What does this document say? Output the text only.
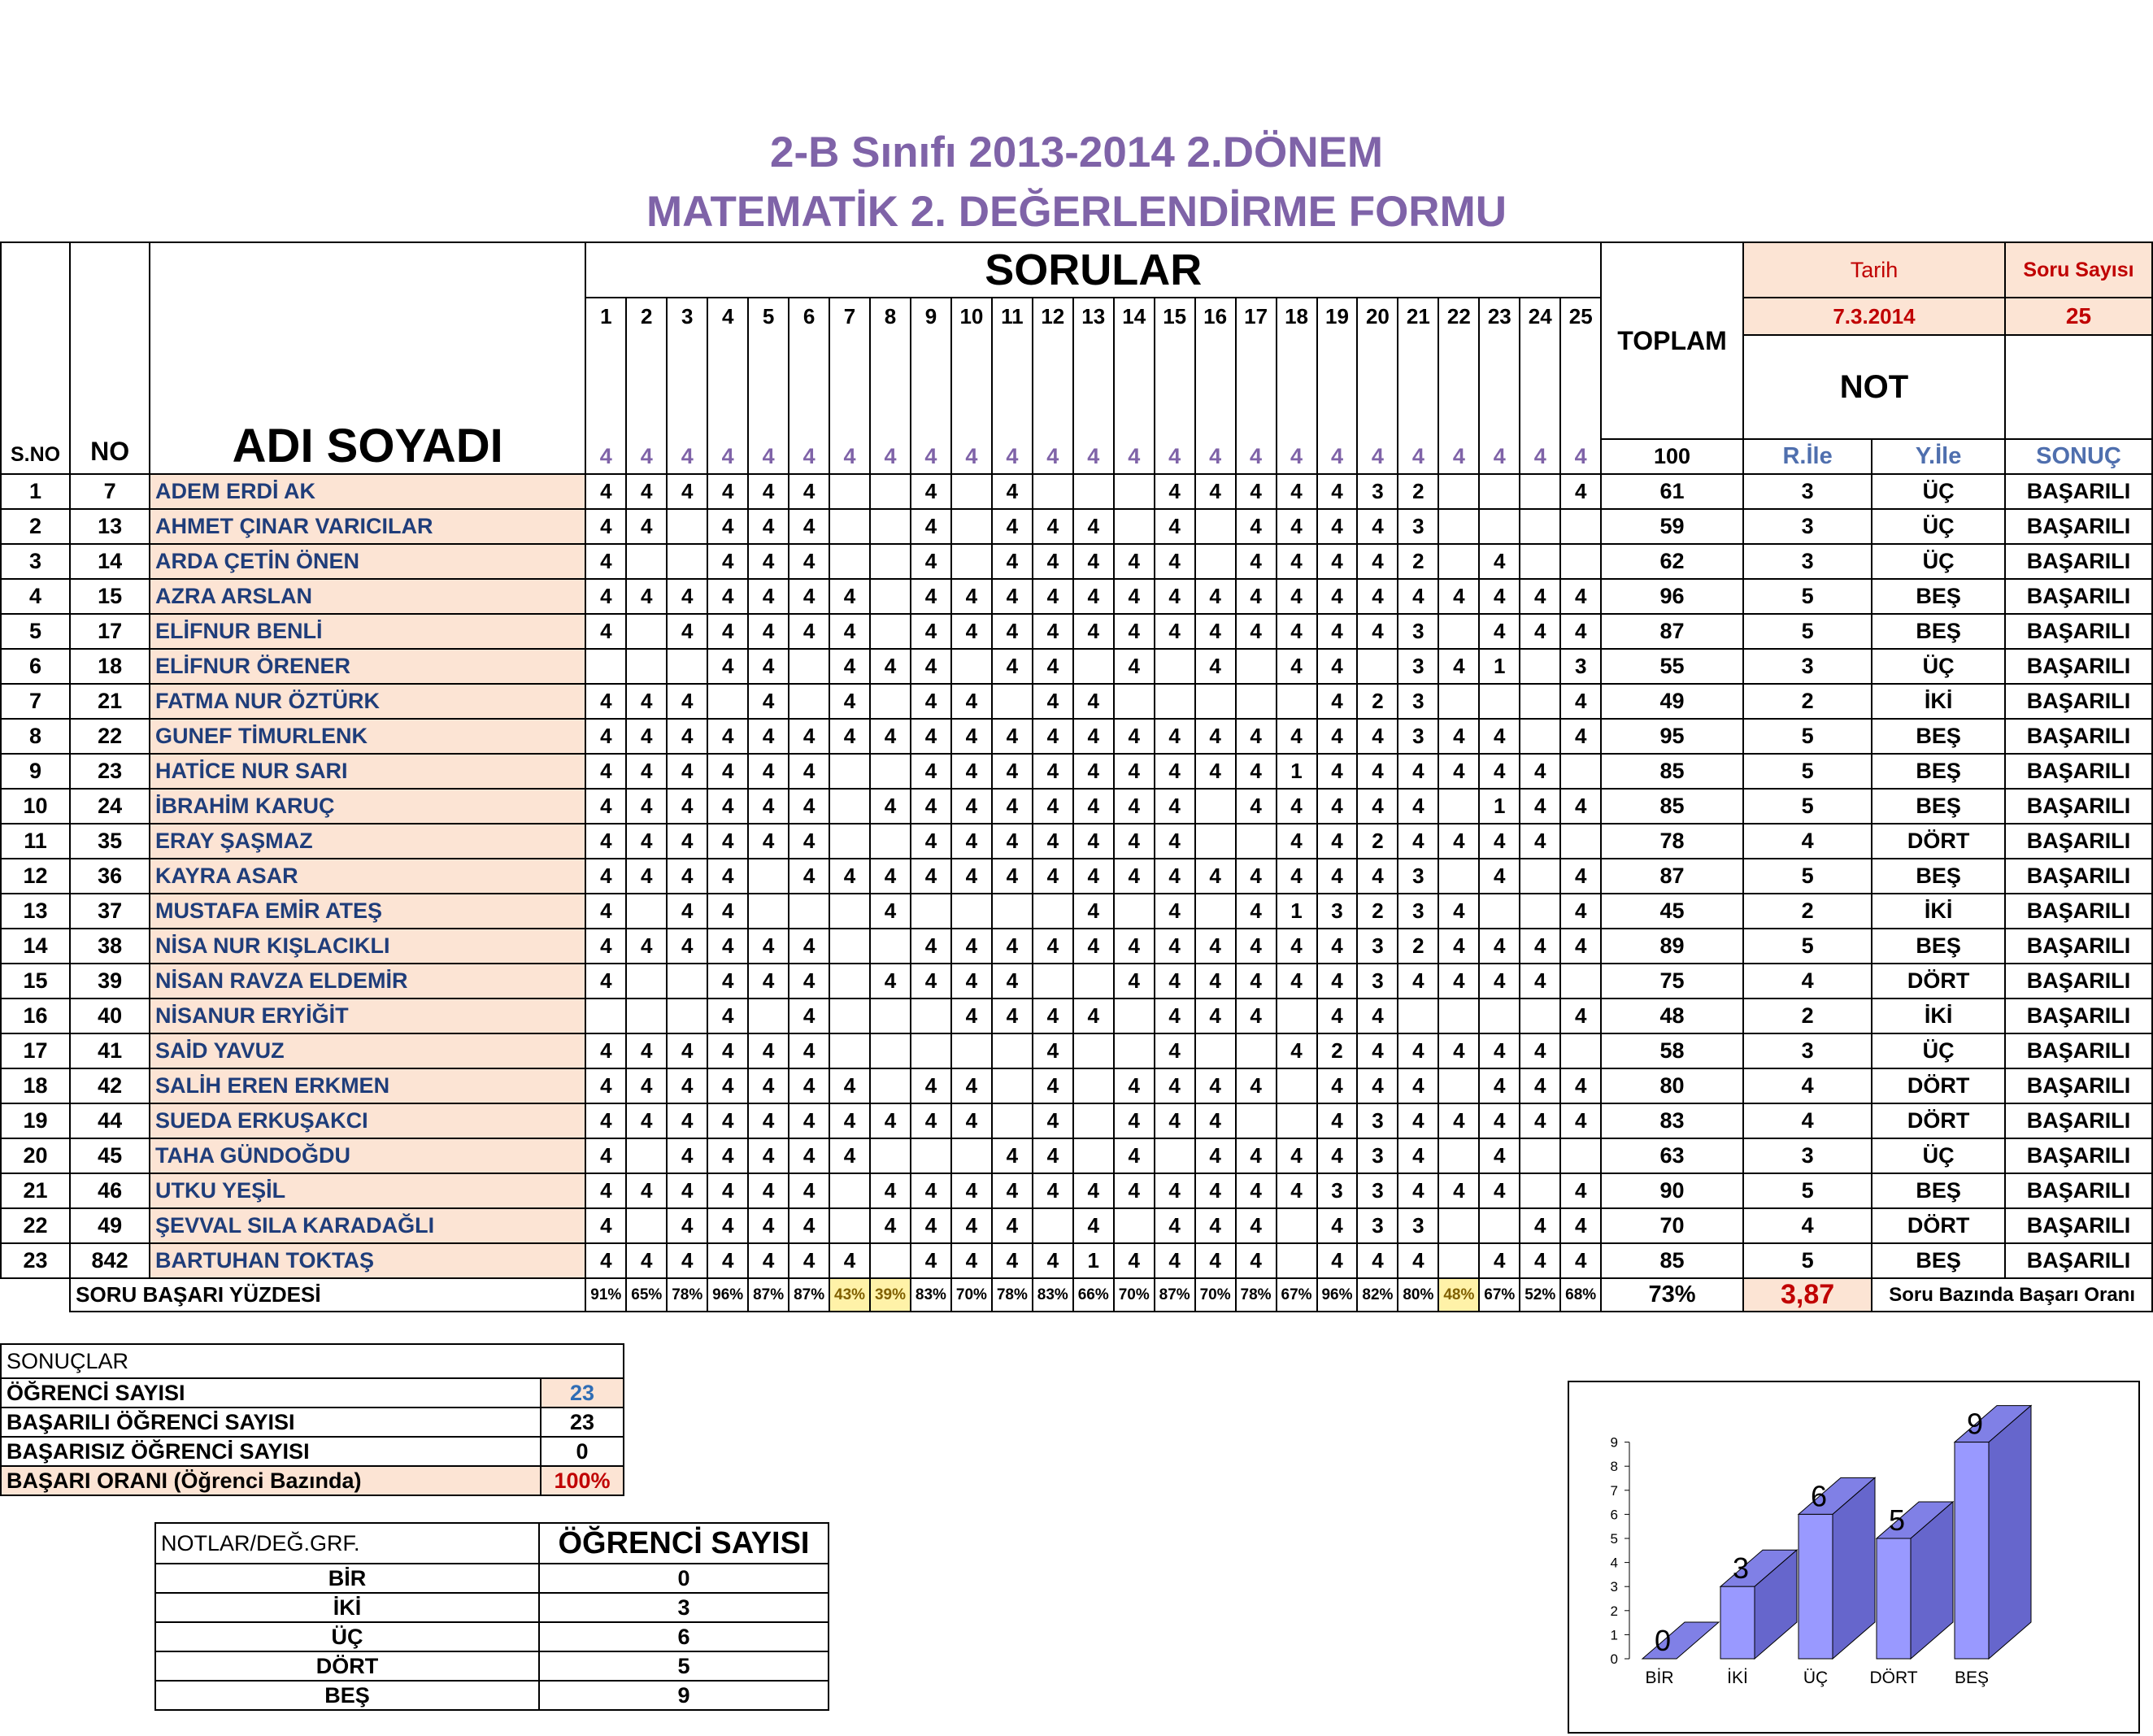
2-B Sınıfı 2013-2014 2.DÖNEM
MATEMATİK 2. DEĞERLENDİRME FORMU
S.NO	NO	ADI SOYADI	SORULAR																									TOPLAM	Tarih		Soru Sayısı
			1	2	3	4	5	6	7	8	9	10	11	12	13	14	15	16	17	18	19	20	21	22	23	24	25		7.3.2014		25
																													NOT		
			4	4	4	4	4	4	4	4	4	4	4	4	4	4	4	4	4	4	4	4	4	4	4	4	4	100	R.İle	Y.İle	SONUÇ
1	7	ADEM ERDİ AK	4	4	4	4	4	4			4		4				4	4	4	4	4	3	2				4	61	3	ÜÇ	BAŞARILI
2	13	AHMET ÇINAR VARICILAR	4	4		4	4	4			4		4	4	4		4		4	4	4	4	3					59	3	ÜÇ	BAŞARILI
3	14	ARDA ÇETİN ÖNEN	4			4	4	4			4		4	4	4	4	4		4	4	4	4	2		4			62	3	ÜÇ	BAŞARILI
4	15	AZRA ARSLAN	4	4	4	4	4	4	4		4	4	4	4	4	4	4	4	4	4	4	4	4	4	4	4	4	96	5	BEŞ	BAŞARILI
5	17	ELİFNUR BENLİ	4		4	4	4	4	4		4	4	4	4	4	4	4	4	4	4	4	4	3		4	4	4	87	5	BEŞ	BAŞARILI
6	18	ELİFNUR ÖRENER				4	4		4	4	4		4	4		4		4		4	4		3	4	1		3	55	3	ÜÇ	BAŞARILI
7	21	FATMA NUR ÖZTÜRK	4	4	4		4		4		4	4		4	4						4	2	3				4	49	2	İKİ	BAŞARILI
8	22	GUNEF TİMURLENK	4	4	4	4	4	4	4	4	4	4	4	4	4	4	4	4	4	4	4	4	3	4	4		4	95	5	BEŞ	BAŞARILI
9	23	HATİCE NUR SARI	4	4	4	4	4	4			4	4	4	4	4	4	4	4	4	1	4	4	4	4	4	4		85	5	BEŞ	BAŞARILI
10	24	İBRAHİM KARUÇ	4	4	4	4	4	4		4	4	4	4	4	4	4	4		4	4	4	4	4		1	4	4	85	5	BEŞ	BAŞARILI
11	35	ERAY ŞAŞMAZ	4	4	4	4	4	4			4	4	4	4	4	4	4			4	4	2	4	4	4	4		78	4	DÖRT	BAŞARILI
12	36	KAYRA ASAR	4	4	4	4		4	4	4	4	4	4	4	4	4	4	4	4	4	4	4	3		4		4	87	5	BEŞ	BAŞARILI
13	37	MUSTAFA EMİR ATEŞ	4		4	4				4					4		4		4	1	3	2	3	4			4	45	2	İKİ	BAŞARILI
14	38	NİSA NUR KIŞLACIKLI	4	4	4	4	4	4			4	4	4	4	4	4	4	4	4	4	4	3	2	4	4	4	4	89	5	BEŞ	BAŞARILI
15	39	NİSAN RAVZA ELDEMİR	4			4	4	4		4	4	4	4			4	4	4	4	4	4	3	4	4	4	4		75	4	DÖRT	BAŞARILI
16	40	NİSANUR ERYİĞİT				4		4				4	4	4	4		4	4	4		4	4					4	48	2	İKİ	BAŞARILI
17	41	SAİD YAVUZ	4	4	4	4	4	4						4			4			4	2	4	4	4	4	4		58	3	ÜÇ	BAŞARILI
18	42	SALİH EREN ERKMEN	4	4	4	4	4	4	4		4	4		4		4	4	4	4		4	4	4		4	4	4	80	4	DÖRT	BAŞARILI
19	44	SUEDA ERKUŞAKCI	4	4	4	4	4	4	4	4	4	4		4		4	4	4			4	3	4	4	4	4	4	83	4	DÖRT	BAŞARILI
20	45	TAHA GÜNDOĞDU	4		4	4	4	4	4				4	4		4		4	4	4	4	3	4		4			63	3	ÜÇ	BAŞARILI
21	46	UTKU YEŞİL	4	4	4	4	4	4		4	4	4	4	4	4	4	4	4	4	4	3	3	4	4	4		4	90	5	BEŞ	BAŞARILI
22	49	ŞEVVAL SILA KARADAĞLI	4		4	4	4	4		4	4	4	4		4		4	4	4		4	3	3			4	4	70	4	DÖRT	BAŞARILI
23	842	BARTUHAN TOKTAŞ	4	4	4	4	4	4	4		4	4	4	4	1	4	4	4	4		4	4	4		4	4	4	85	5	BEŞ	BAŞARILI
	SORU BAŞARI YÜZDESİ		91%	65%	78%	96%	87%	87%	43%	39%	83%	70%	78%	83%	66%	70%	87%	70%	78%	67%	96%	82%	80%	48%	67%	52%	68%	73%	3,87	Soru Bazında Başarı Oranı	
SONUÇLAR	
ÖĞRENCİ SAYISI	23
BAŞARILI ÖĞRENCİ SAYISI	23
BAŞARISIZ ÖĞRENCİ SAYISI	0
BAŞARI ORANI (Öğrenci Bazında)	100%
NOTLAR/DEĞ.GRF.	ÖĞRENCİ SAYISI
BİR	0
İKİ	3
ÜÇ	6
DÖRT	5
BEŞ	9
0
1
2
3
4
5
6
7
8
9
0
BİR
3
İKİ
6
ÜÇ
5
DÖRT
9
BEŞ
